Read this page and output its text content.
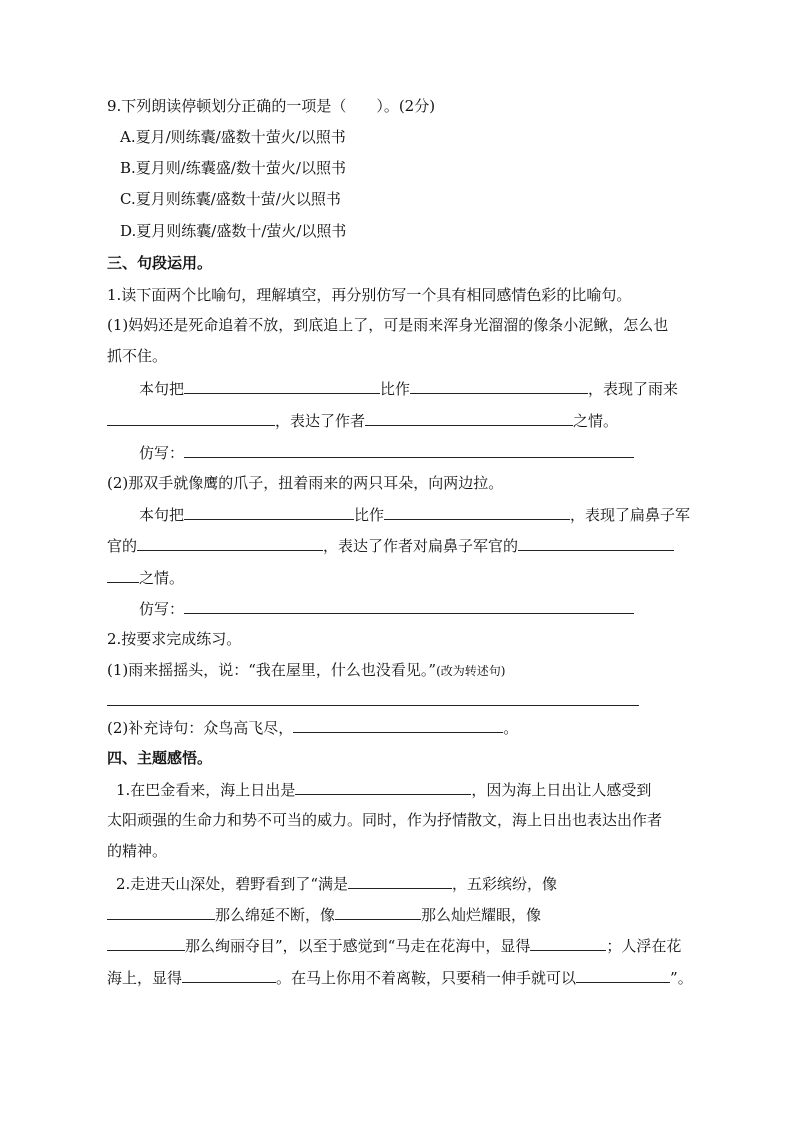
9.下列朗读停顿划分正确的一项是（　　）。(2分)
A.夏月/则练囊/盛数十萤火/以照书
B.夏月则/练囊盛/数十萤火/以照书
C.夏月则练囊/盛数十萤/火以照书
D.夏月则练囊/盛数十/萤火/以照书
三、句段运用。
1.读下面两个比喻句，理解填空，再分别仿写一个具有相同感情色彩的比喻句。
(1)妈妈还是死命追着不放，到底追上了，可是雨来浑身光溜溜的像条小泥鳅，怎么也
抓不住。
本句把	比作	，表现了雨来
，表达了作者	之情。
仿写：
(2)那双手就像鹰的爪子，扭着雨来的两只耳朵，向两边拉。
本句把	比作	，表现了扁鼻子军
官的	，表达了作者对扁鼻子军官的
之情。
仿写：
2.按要求完成练习。
(1)雨来摇摇头，说：“我在屋里，什么也没看见。”(改为转述句)
(2)补充诗句：众鸟高飞尽，	。
四、主题感悟。
1.在巴金看来，海上日出是	，因为海上日出让人感受到
太阳顽强的生命力和势不可当的威力。同时，作为抒情散文，海上日出也表达出作者
的精神。
2.走进天山深处，碧野看到了“满是	，五彩缤纷，像
那么绵延不断，像	那么灿烂耀眼，像
那么绚丽夺目”，以至于感觉到“马走在花海中，显得	；人浮在花
海上，显得	。在马上你用不着离鞍，只要稍一伸手就可以	”。
